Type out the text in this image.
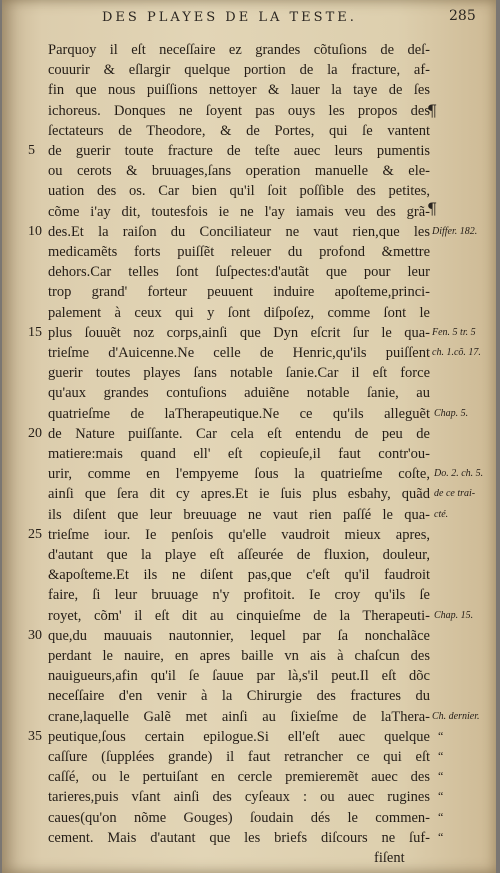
DES PLAYES DE LA TESTE.	285
Parquoy il eſt neceſſaire ez grandes cõtuſions de deſ-
couurir & eſlargir quelque portion de la fracture, af-
fin que nous puiſſions nettoyer & lauer la taye de ſes
ichoreus. Donques ne ſoyent pas ouys les propos des
ſectateurs de Theodore, & de Portes, qui ſe vantent
de guerir toute fracture de teſte auec leurs pumentis
ou cerots & bruuages,ſans operation manuelle & ele-
uation des os. Car bien qu'il ſoit poſſible des petites,
cõme i'ay dit, toutesfois ie ne l'ay iamais veu des grã-
des.Et la raiſon du Conciliateur ne vaut rien,que les
medicamẽts forts puiſſẽt releuer du profond &mettre
dehors.Car telles ſont ſuſpectes:d'autãt que pour leur
trop grand' forteur peuuent induire apoſteme,princi-
palement à ceux qui y ſont diſpoſez, comme ſont le
plus ſouuẽt noz corps,ainſi que Dyn eſcrit ſur le qua-
trieſme d'Auicenne.Ne celle de Henric,qu'ils puiſſent
guerir toutes playes ſans notable ſanie.Car il eſt force
qu'aux grandes contuſions aduiẽne notable ſanie, au
quatrieſme de laTherapeutique.Ne ce qu'ils alleguẽt
de Nature puiſſante. Car cela eſt entendu de peu de
matiere:mais quand ell' eſt copieuſe,il faut contr'ou-
urir, comme en l'empyeme ſous la quatrieſme coſte,
ainſi que ſera dit cy apres.Et ie ſuis plus esbahy, quãd
ils diſent que leur breuuage ne vaut rien paſſé le qua-
trieſme iour. Ie penſois qu'elle vaudroit mieux apres,
d'autant que la playe eſt aſſeurée de fluxion, douleur,
&apoſteme.Et ils ne diſent pas,que c'eſt qu'il faudroit
faire, ſi leur bruuage n'y profitoit. Ie croy qu'ils ſe
royet, cõm' il eſt dit au cinquieſme de la Therapeuti-
que,du mauuais nautonnier, lequel par ſa nonchalãce
perdant le nauire, en apres baille vn ais à chaſcun des
nauigueurs,afin qu'il ſe ſauue par là,s'il peut.Il eſt dõc
neceſſaire d'en venir à la Chirurgie des fractures du
crane,laquelle Galẽ met ainſi au ſixieſme de laThera-
peutique,ſous certain epilogue.Si ell'eſt auec quelque
caſſure (ſupplées grande) il faut retrancher ce qui eſt
caſſé, ou le pertuiſant en cercle premieremẽt auec des
tarieres,puis vſant ainſi des cyſeaux : ou auec rugines
caues(qu'on nõme Gouges) ſoudain dés le commen-
cement. Mais d'autant que les briefs diſcours ne ſuf-
fiſent
5
10
15
20
25
30
35
Differ. 182.
Fen. 5 tr. 5
ch. 1.cõ. 17.
Chap. 5.
Do. 2. ch. 5.
de ce trai-
cté.
Chap. 15.
Ch. dernier.
¶
¶
“
“
“
“
“
“
